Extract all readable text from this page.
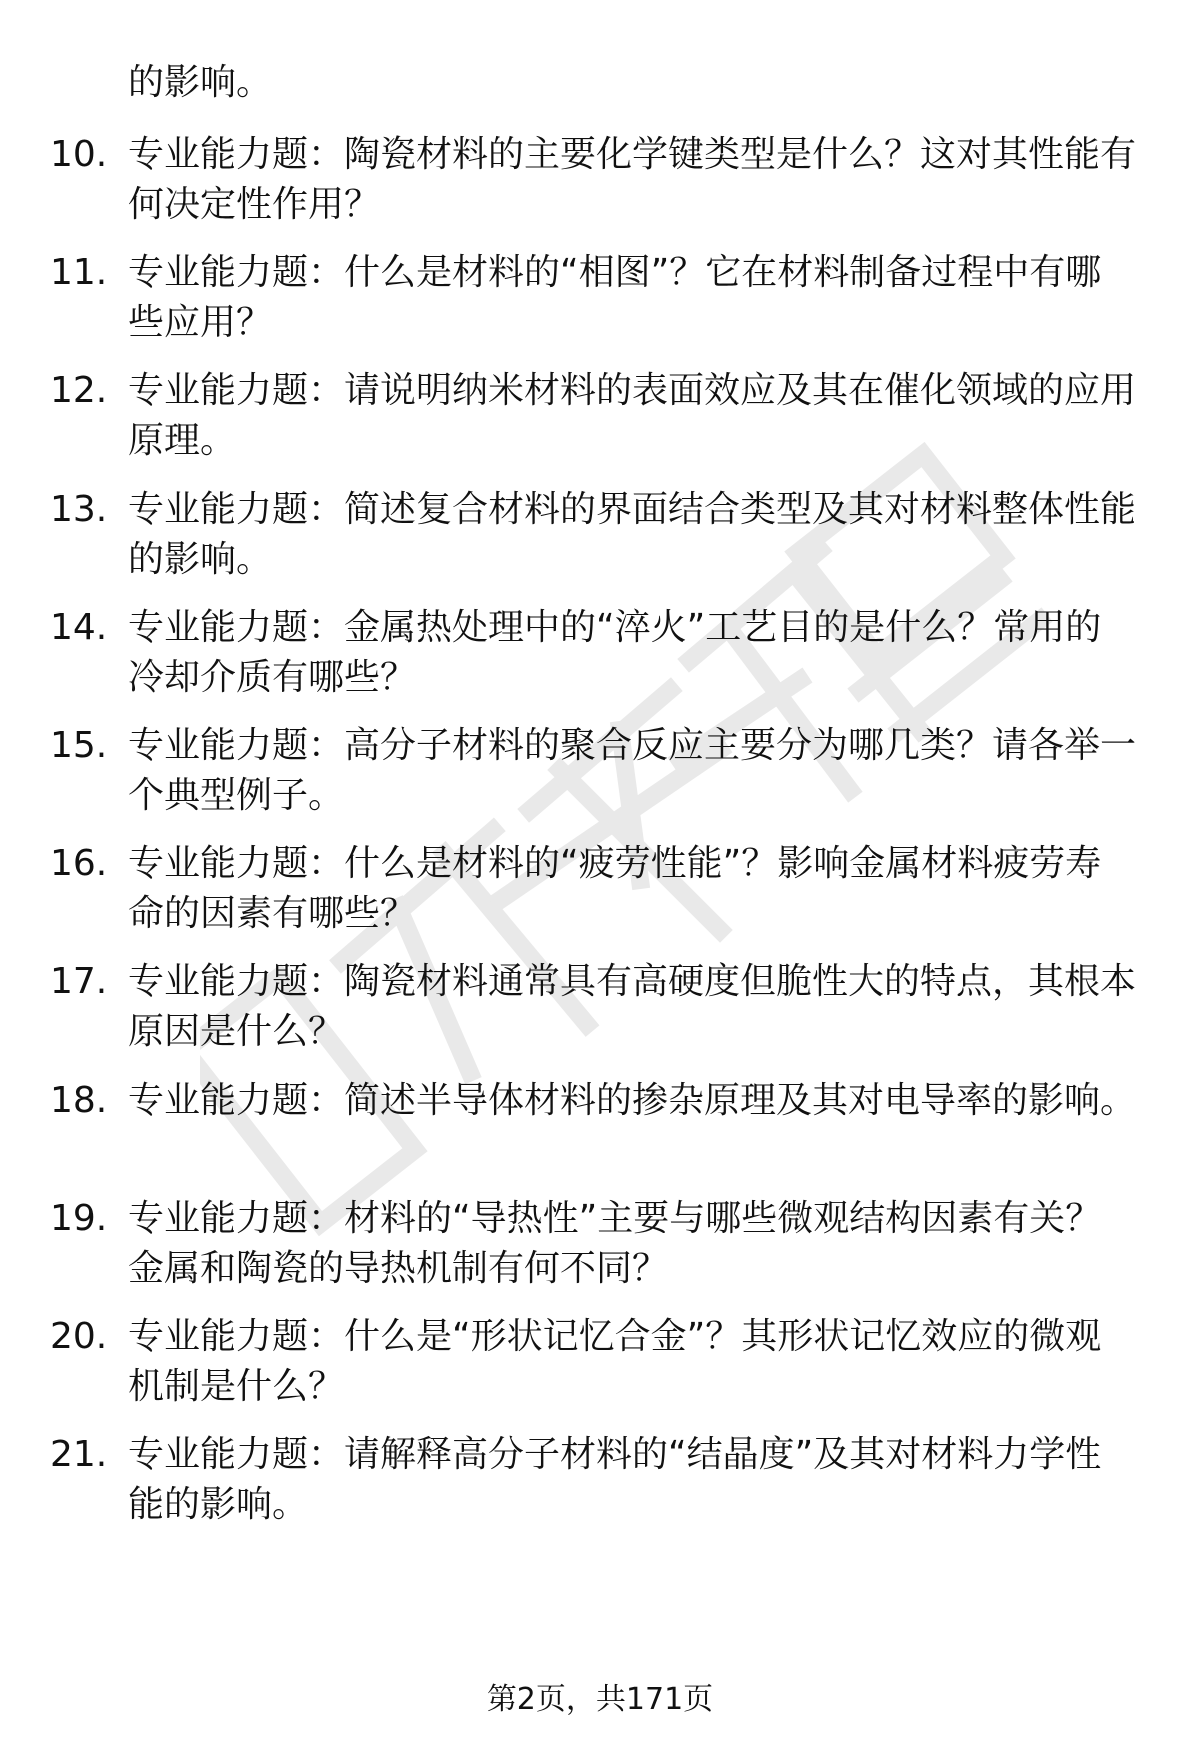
的影响。
10. 专业能力题：陶瓷材料的主要化学键类型是什么？这对其性能有
何决定性作用？
11. 专业能力题：什么是材料的“相图”？它在材料制备过程中有哪
些应用？
12. 专业能力题：请说明纳米材料的表面效应及其在催化领域的应用
原理。
13. 专业能力题：简述复合材料的界面结合类型及其对材料整体性能
的影响。
14. 专业能力题：金属热处理中的“淬火”工艺目的是什么？常用的
冷却介质有哪些？
15. 专业能力题：高分子材料的聚合反应主要分为哪几类？请各举一
个典型例子。
16. 专业能力题：什么是材料的“疲劳性能”？影响金属材料疲劳寿
命的因素有哪些？
17. 专业能力题：陶瓷材料通常具有高硬度但脆性大的特点，其根本
原因是什么？
18. 专业能力题：简述半导体材料的掺杂原理及其对电导率的影响。
19. 专业能力题：材料的“导热性”主要与哪些微观结构因素有关？
金属和陶瓷的导热机制有何不同？
20. 专业能力题：什么是“形状记忆合金”？其形状记忆效应的微观
机制是什么？
21. 专业能力题：请解释高分子材料的“结晶度”及其对材料力学性
能的影响。
第2页，共171页
